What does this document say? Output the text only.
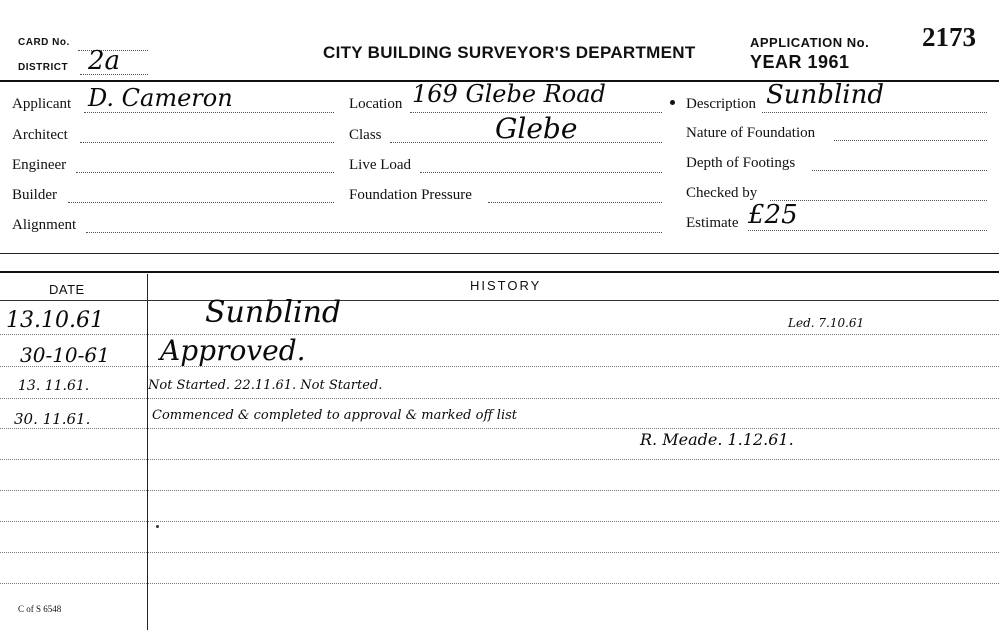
CARD No.
DISTRICT 2a	CITY BUILDING SURVEYOR'S DEPARTMENT
APPLICATION No. 2173
YEAR 1961
Applicant D. Cameron
Architect
Engineer
Builder
Alignment
Location 169 Glebe Road
Class	Glebe
Live Load
Foundation Pressure
Description Sunblind
Nature of Foundation
Depth of Footings
Checked by
Estimate £25
DATE	HISTORY
13.10.61	Sunblind	Led. 7.10.61
30-10-61 Approved.
13. 11.61.	Not Started. 22.11.61. Not Started.
30. 11.61.	Commenced & completed to approval & marked off list
R. Meade. 1.12.61.
C of S 6548
